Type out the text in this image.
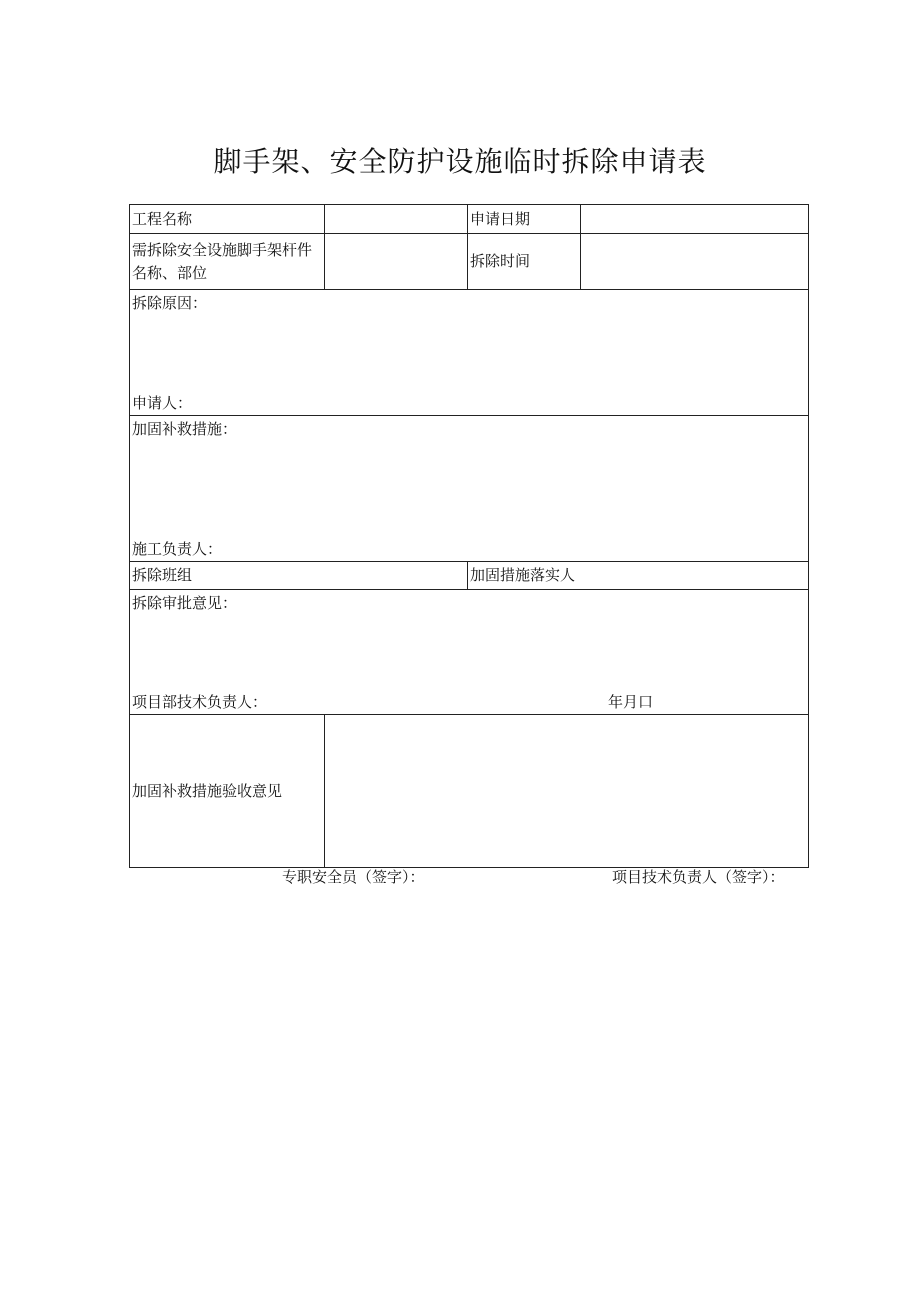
脚手架、安全防护设施临时拆除申请表
工程名称		申请日期	
需拆除安全设施脚手架杆件名称、部位		拆除时间	

拆除原因：
申请人：			

加固补救措施：
施工负责人：			

拆除班组		加固措施落实人	

拆除审批意见：
项目部技术负责人： 年月口			

加固补救措施验收意见			
专职安全员（签字）：	项目技术负责人（签字）：
